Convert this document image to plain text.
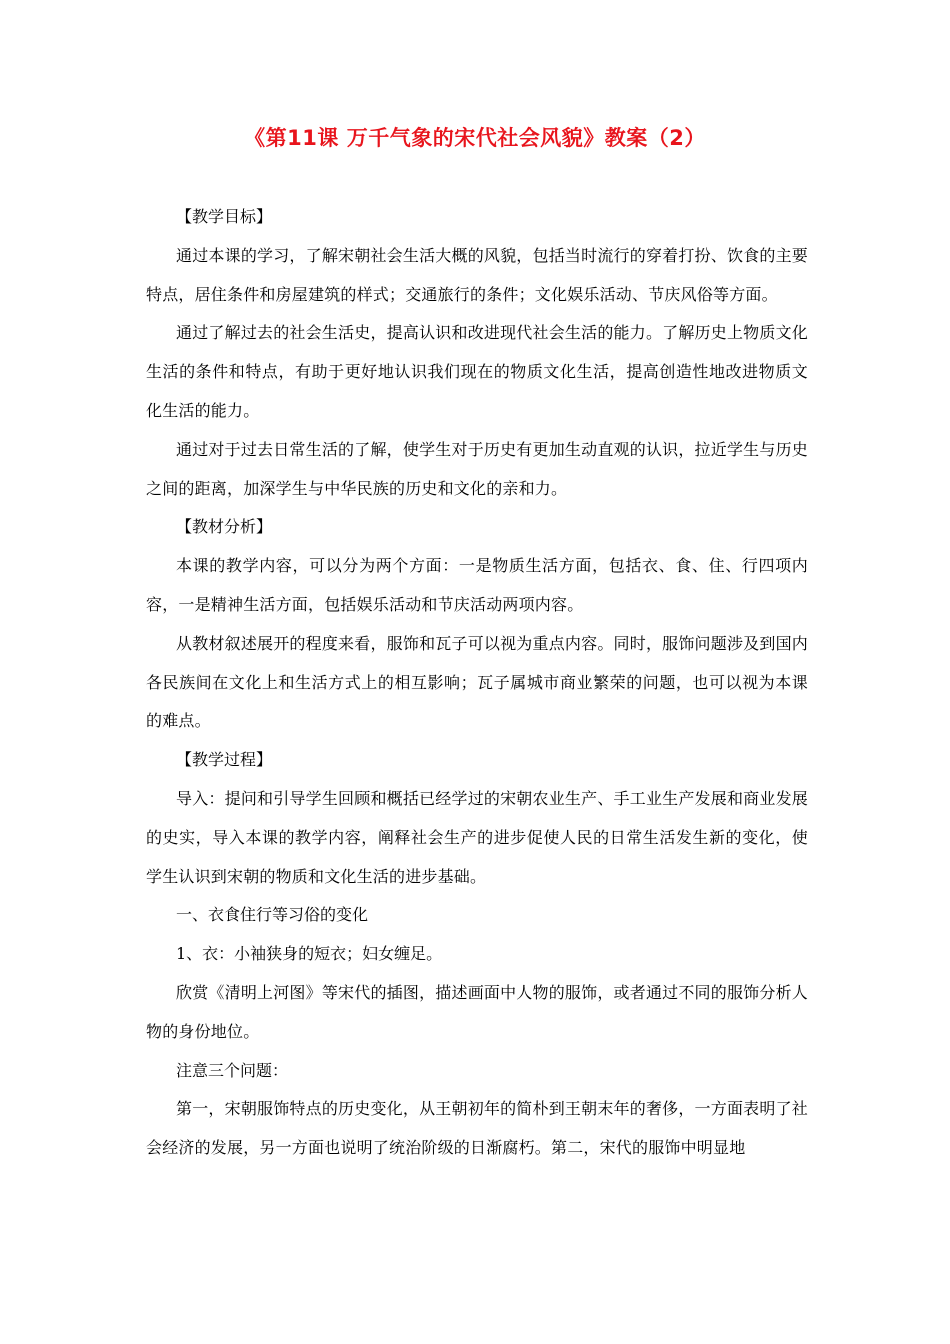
《第11课 万千气象的宋代社会风貌》教案（2）

【教学目标】

通过本课的学习，了解宋朝社会生活大概的风貌，包括当时流行的穿着打扮、饮食的主要特点，居住条件和房屋建筑的样式；交通旅行的条件；文化娱乐活动、节庆风俗等方面。

通过了解过去的社会生活史，提高认识和改进现代社会生活的能力。了解历史上物质文化生活的条件和特点，有助于更好地认识我们现在的物质文化生活，提高创造性地改进物质文化生活的能力。

通过对于过去日常生活的了解，使学生对于历史有更加生动直观的认识，拉近学生与历史之间的距离，加深学生与中华民族的历史和文化的亲和力。

【教材分析】

本课的教学内容，可以分为两个方面：一是物质生活方面，包括衣、食、住、行四项内容，一是精神生活方面，包括娱乐活动和节庆活动两项内容。

从教材叙述展开的程度来看，服饰和瓦子可以视为重点内容。同时，服饰问题涉及到国内各民族间在文化上和生活方式上的相互影响；瓦子属城市商业繁荣的问题，也可以视为本课的难点。

【教学过程】

导入：提问和引导学生回顾和概括已经学过的宋朝农业生产、手工业生产发展和商业发展的史实，导入本课的教学内容，阐释社会生产的进步促使人民的日常生活发生新的变化，使学生认识到宋朝的物质和文化生活的进步基础。

一、衣食住行等习俗的变化

1、衣：小袖狭身的短衣；妇女缠足。

欣赏《清明上河图》等宋代的插图，描述画面中人物的服饰，或者通过不同的服饰分析人物的身份地位。

注意三个问题：

第一，宋朝服饰特点的历史变化，从王朝初年的简朴到王朝末年的奢侈，一方面表明了社会经济的发展，另一方面也说明了统治阶级的日渐腐朽。第二，宋代的服饰中明显地
